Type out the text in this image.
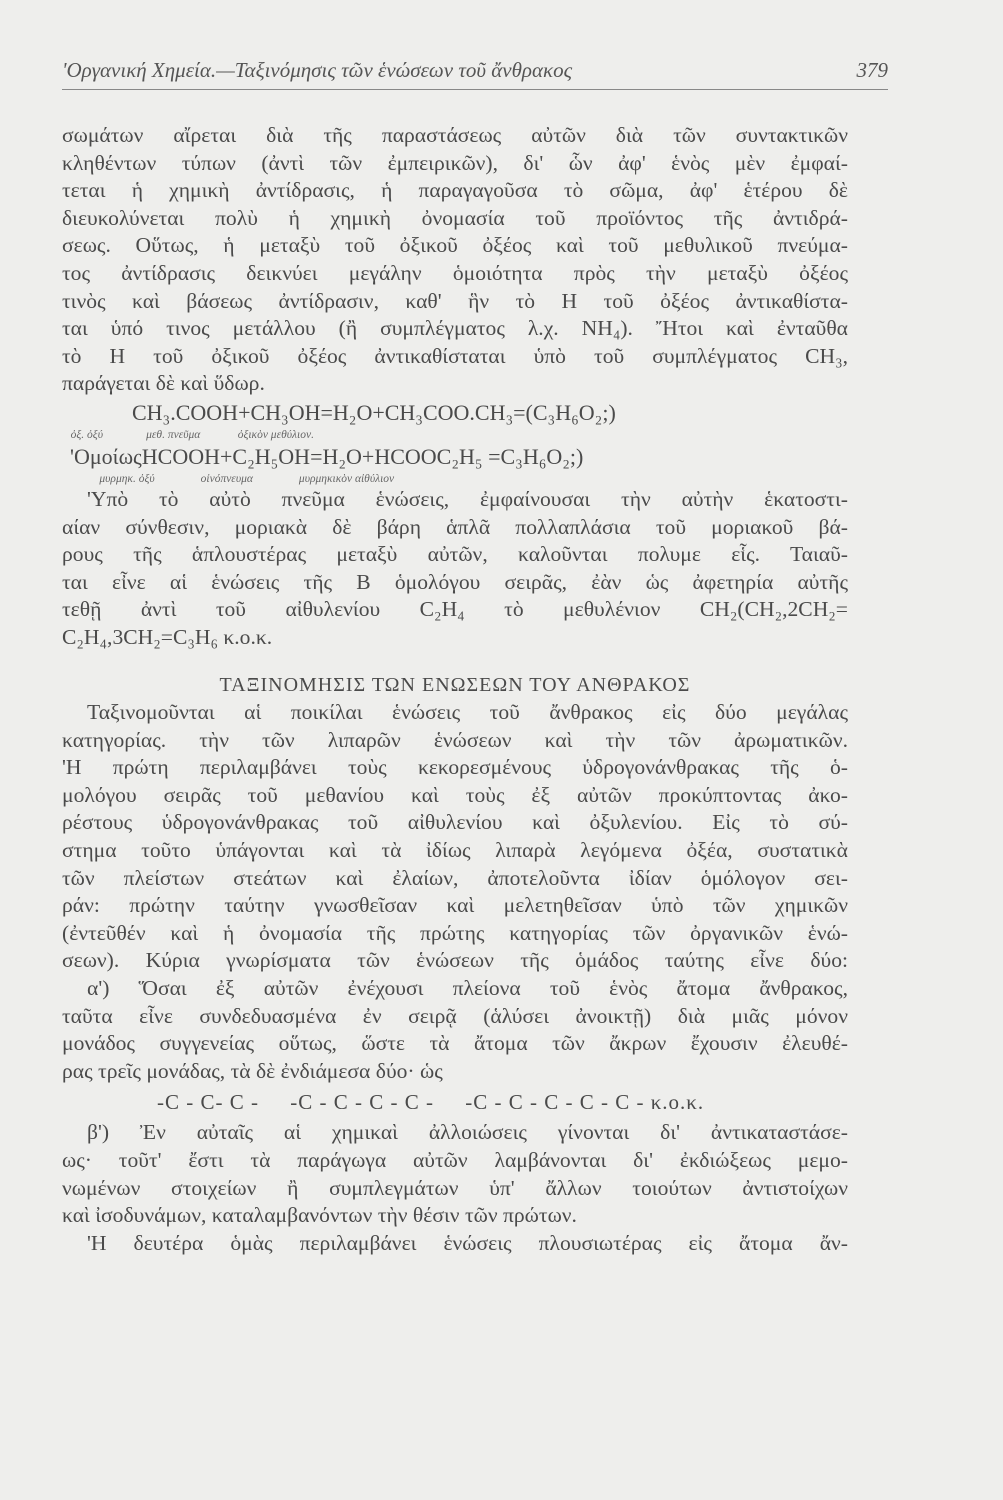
'Οργανική Χημεία.—Ταξινόμησις τῶν ἑνώσεων τοῦ ἄνθρακος	379
σωμάτων αἴρεται διὰ τῆς παραστάσεως αὐτῶν διὰ τῶν συντακτικῶν
κληθέντων τύπων (ἀντὶ τῶν ἐμπειρικῶν), δι' ὧν ἀφ' ἑνὸς μὲν ἐμφαί-
τεται ἡ χημικὴ ἀντίδρασις, ἡ παραγαγοῦσα τὸ σῶμα, ἀφ' ἑτέρου δὲ
διευκολύνεται πολὺ ἡ χημικὴ ὀνομασία τοῦ προϊόντος τῆς ἀντιδρά-
σεως. Οὕτως, ἡ μεταξὺ τοῦ ὀξικοῦ ὀξέος καὶ τοῦ μεθυλικοῦ πνεύμα-
τος ἀντίδρασις δεικνύει μεγάλην ὁμοιότητα πρὸς τὴν μεταξὺ ὀξέος
τινὸς καὶ βάσεως ἀντίδρασιν, καθ' ἣν τὸ Η τοῦ ὀξέος ἀντικαθίστα-
ται ὑπό τινος μετάλλου (ἢ συμπλέγματος λ.χ. NH₄). Ἤτοι καὶ ἐνταῦθα
τὸ Η τοῦ ὀξικοῦ ὀξέος ἀντικαθίσταται ὑπὸ τοῦ συμπλέγματος CH₃,
παράγεται δὲ καὶ ὕδωρ.
CH₃.COOH+CH₃OH=H₂O+CH₃COO.CH₃=(C₃H₆O₂;)
ὀξ. ὀξύ               μεθ. πνεῦμα             ὀξικὸν μεθύλιον.
'ΟμοίωςHCOOH+C₂H₅OH=H₂O+HCOOC₂H₅ =C₃H₆O₂;)
μυρμηκ. ὀξύ                οἰνόπνευμα                μυρμηκικὸν αἰθύλιον
'Υπὸ τὸ αὐτὸ πνεῦμα ἑνώσεις, ἐμφαίνουσαι τὴν αὐτὴν ἑκατοστι-
αίαν σύνθεσιν, μοριακὰ δὲ βάρη ἁπλᾶ πολλαπλάσια τοῦ μοριακοῦ βά-
ρους τῆς ἁπλουστέρας μεταξὺ αὐτῶν, καλοῦνται πολυμε εἷς. Ταιαῦ-
ται εἶνε αἱ ἑνώσεις τῆς Β ὁμολόγου σειρᾶς, ἐὰν ὡς ἀφετηρία αὐτῆς
τεθῇ ἀντὶ τοῦ αἰθυλενίου C₂H₄ τὸ μεθυλένιον CH₂(CH₂,2CH₂=
C₂H₄,3CH₂=C₃H₆ κ.ο.κ.
ΤΑΞΙΝΟΜΗΣΙΣ ΤΩΝ ΕΝΩΣΕΩΝ ΤΟΥ ΑΝΘΡΑΚΟΣ
Ταξινομοῦνται αἱ ποικίλαι ἑνώσεις τοῦ ἄνθρακος εἰς δύο μεγάλας
κατηγορίας. τὴν τῶν λιπαρῶν ἑνώσεων καὶ τὴν τῶν ἀρωματικῶν.
'Η πρώτη περιλαμβάνει τοὺς κεκορεσμένους ὑδρογονάνθρακας τῆς ὁ-
μολόγου σειρᾶς τοῦ μεθανίου καὶ τοὺς ἐξ αὐτῶν προκύπτοντας ἀκο-
ρέστους ὑδρογονάνθρακας τοῦ αἰθυλενίου καὶ ὀξυλενίου. Εἰς τὸ σύ-
στημα τοῦτο ὑπάγονται καὶ τὰ ἰδίως λιπαρὰ λεγόμενα ὀξέα, συστατικὰ
τῶν πλείστων στεάτων καὶ ἐλαίων, ἀποτελοῦντα ἰδίαν ὁμόλογον σει-
ράν: πρώτην ταύτην γνωσθεῖσαν καὶ μελετηθεῖσαν ὑπὸ τῶν χημικῶν
(ἐντεῦθέν καὶ ἡ ὀνομασία τῆς πρώτης κατηγορίας τῶν ὀργανικῶν ἑνώ-
σεων). Κύρια γνωρίσματα τῶν ἑνώσεων τῆς ὁμάδος ταύτης εἶνε δύο:
α') Ὅσαι ἐξ αὐτῶν ἐνέχουσι πλείονα τοῦ ἑνὸς ἄτομα ἄνθρακος,
ταῦτα εἶνε συνδεδυασμένα ἐν σειρᾷ (ἁλύσει ἀνοικτῇ) διὰ μιᾶς μόνον
μονάδος συγγενείας οὕτως, ὥστε τὰ ἄτομα τῶν ἄκρων ἔχουσιν ἐλευθέ-
ρας τρεῖς μονάδας, τὰ δὲ ἐνδιάμεσα δύο· ὡς
-C - C- C -     -C - C - C - C -     -C - C - C - C - C - κ.ο.κ.
β') Ἐν αὐταῖς αἱ χημικαὶ ἀλλοιώσεις γίνονται δι' ἀντικαταστάσε-
ως· τοῦτ' ἔστι τὰ παράγωγα αὐτῶν λαμβάνονται δι' ἐκδιώξεως μεμο-
νωμένων στοιχείων ἢ συμπλεγμάτων ὑπ' ἄλλων τοιούτων ἀντιστοίχων
καὶ ἰσοδυνάμων, καταλαμβανόντων τὴν θέσιν τῶν πρώτων.
'Η δευτέρα ὁμὰς περιλαμβάνει ἑνώσεις πλουσιωτέρας εἰς ἄτομα ἄν-
